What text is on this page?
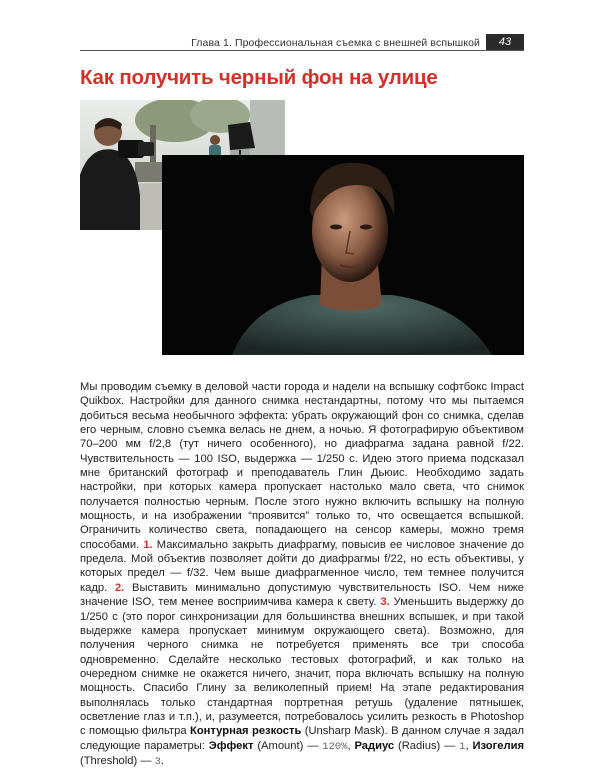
Глава 1. Профессиональная съемка с внешней вспышкой	43
Как получить черный фон на улице

Мы проводим съемку в деловой части города и надели на вспышку софтбокс Impact Quikbox. Настройки для данного снимка нестандартны, потому что мы пытаемся добиться весьма необычного эффекта: убрать окружающий фон со снимка, сделав его черным, словно съемка велась не днем, а ночью. Я фотографирую объективом 70–200 мм f/2,8 (тут ничего особенного), но диафрагма задана равной f/22. Чувствительность — 100 ISO, выдержка — 1/250 с. Идею этого приема подсказал мне британский фотограф и преподаватель Глин Дьюис. Необходимо задать настройки, при которых камера пропускает настолько мало света, что снимок получается полностью черным. После этого нужно включить вспышку на полную мощность, и на изображении “проявится” только то, что освещается вспышкой. Ограничить количество света, попадающего на сенсор камеры, можно тремя способами. 1. Максимально закрыть диафрагму, повысив ее числовое значение до предела. Мой объектив позволяет дойти до диафрагмы f/22, но есть объективы, у которых предел — f/32. Чем выше диафрагменное число, тем темнее получится кадр. 2. Выставить минимально допустимую чувствительность ISO. Чем ниже значение ISO, тем менее восприимчива камера к свету. 3. Уменьшить выдержку до 1/250 с (это порог синхронизации для большинства внешних вспышек, и при такой выдержке камера пропускает минимум окружающего света). Возможно, для получения черного снимка не потребуется применять все три способа одновременно. Сделайте несколько тестовых фотографий, и как только на очередном снимке не окажется ничего, значит, пора включать вспышку на полную мощность. Спасибо Глину за великолепный прием! На этапе редактирования выполнялась только стандартная портретная ретушь (удаление пятнышек, осветление глаз и т.п.), и, разумеется, потребовалось усилить резкость в Photoshop с помощью фильтра Контурная резкость (Unsharp Mask). В данном случае я задал следующие параметры: Эффект (Amount) — 120%, Радиус (Radius) — 1, Изогелия (Threshold) — 3.
